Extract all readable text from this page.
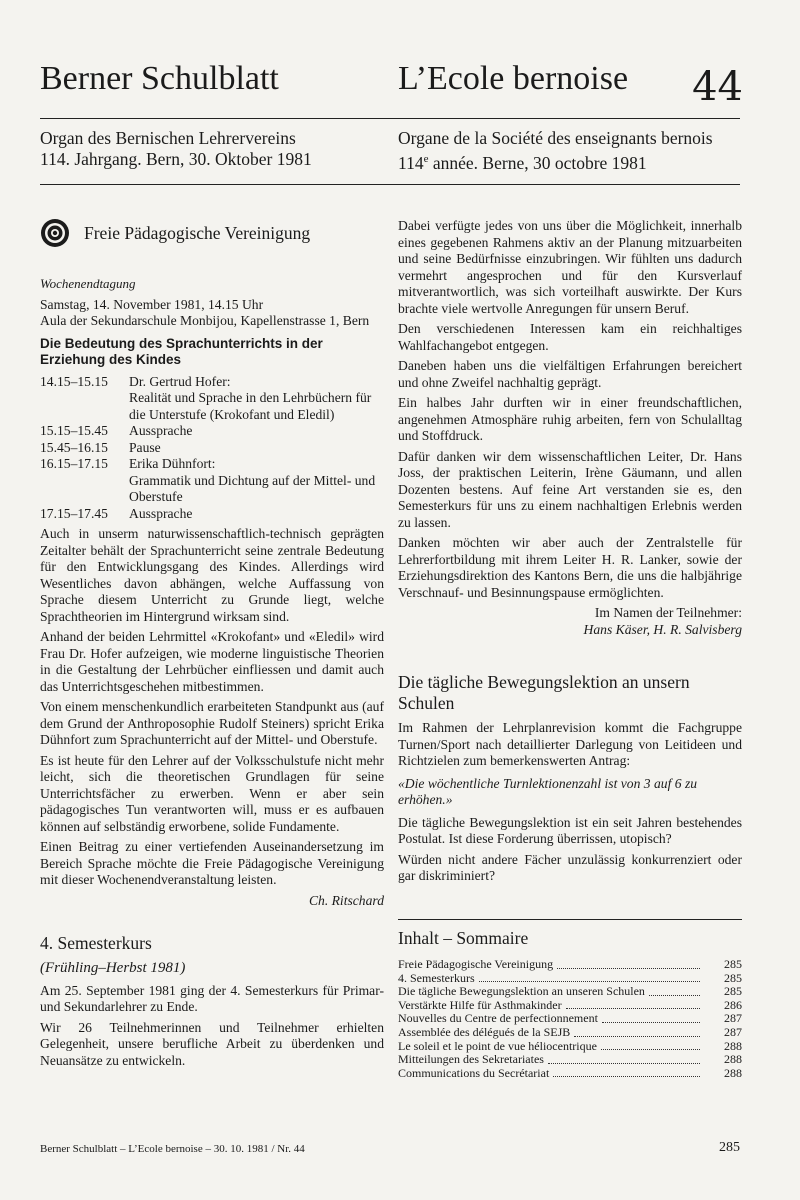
Berner Schulblatt	L’Ecole bernoise 44
Organ des Bernischen Lehrervereins
114. Jahrgang. Bern, 30. Oktober 1981
Organe de la Société des enseignants bernois
114e année. Berne, 30 octobre 1981
Freie Pädagogische Vereinigung
Wochenendtagung
Samstag, 14. November 1981, 14.15 Uhr
Aula der Sekundarschule Monbijou, Kapellenstrasse 1, Bern
Die Bedeutung des Sprachunterrichts in der Erziehung des Kindes
14.15–15.15	Dr. Gertrud Hofer:
Realität und Sprache in den Lehrbüchern für die Unterstufe (Krokofant und Eledil)
15.15–15.45	Aussprache
15.45–16.15	Pause
16.15–17.15	Erika Dühnfort:
Grammatik und Dichtung auf der Mittel- und Oberstufe
17.15–17.45	Aussprache

Auch in unserm naturwissenschaftlich-technisch geprägten Zeitalter behält der Sprachunterricht seine zentrale Bedeutung für den Entwicklungsgang des Kindes. Allerdings wird Wesentliches davon abhängen, welche Auffassung von Sprache diesem Unterricht zu Grunde liegt, welche Sprachtheorien im Hintergrund wirksam sind.

Anhand der beiden Lehrmittel «Krokofant» und «Eledil» wird Frau Dr. Hofer aufzeigen, wie moderne linguistische Theorien in die Gestaltung der Lehrbücher einfliessen und damit auch das Unterrichtsgeschehen mitbestimmen.

Von einem menschenkundlich erarbeiteten Standpunkt aus (auf dem Grund der Anthroposophie Rudolf Steiners) spricht Erika Dühnfort zum Sprachunterricht auf der Mittel- und Oberstufe.

Es ist heute für den Lehrer auf der Volksschulstufe nicht mehr leicht, sich die theoretischen Grundlagen für seine Unterrichtsfächer zu erwerben. Wenn er aber sein pädagogisches Tun verantworten will, muss er es aufbauen können auf selbständig erworbene, solide Fundamente.

Einen Beitrag zu einer vertiefenden Auseinandersetzung im Bereich Sprache möchte die Freie Pädagogische Vereinigung mit dieser Wochenendveranstaltung leisten.

Ch. Ritschard
4. Semesterkurs
(Frühling–Herbst 1981)

Am 25. September 1981 ging der 4. Semesterkurs für Primar- und Sekundarlehrer zu Ende.

Wir 26 Teilnehmerinnen und Teilnehmer erhielten Gelegenheit, unsere berufliche Arbeit zu überdenken und Neuansätze zu entwickeln.

Dabei verfügte jedes von uns über die Möglichkeit, innerhalb eines gegebenen Rahmens aktiv an der Planung mitzuarbeiten und seine Bedürfnisse einzubringen. Wir fühlten uns dadurch vermehrt angesprochen und für den Kursverlauf mitverantwortlich, was sich vorteilhaft auswirkte. Der Kurs brachte viele wertvolle Anregungen für unsern Beruf.

Den verschiedenen Interessen kam ein reichhaltiges Wahlfachangebot entgegen.

Daneben haben uns die vielfältigen Erfahrungen bereichert und ohne Zweifel nachhaltig geprägt.

Ein halbes Jahr durften wir in einer freundschaftlichen, angenehmen Atmosphäre ruhig arbeiten, fern von Schulalltag und Stoffdruck.

Dafür danken wir dem wissenschaftlichen Leiter, Dr. Hans Joss, der praktischen Leiterin, Irène Gäumann, und allen Dozenten bestens. Auf feine Art verstanden sie es, den Semesterkurs für uns zu einem nachhaltigen Erlebnis werden zu lassen.

Danken möchten wir aber auch der Zentralstelle für Lehrerfortbildung mit ihrem Leiter H. R. Lanker, sowie der Erziehungsdirektion des Kantons Bern, die uns die halbjährige Verschnauf- und Besinnungspause ermöglichten.

Im Namen der Teilnehmer:
Hans Käser, H. R. Salvisberg
Die tägliche Bewegungslektion an unsern Schulen

Im Rahmen der Lehrplanrevision kommt die Fachgruppe Turnen/Sport nach detaillierter Darlegung von Leitideen und Richtzielen zum bemerkenswerten Antrag:

«Die wöchentliche Turnlektionenzahl ist von 3 auf 6 zu erhöhen.»

Die tägliche Bewegungslektion ist ein seit Jahren bestehendes Postulat. Ist diese Forderung überrissen, utopisch?

Würden nicht andere Fächer unzulässig konkurrenziert oder gar diskriminiert?

Inhalt – Sommaire
Freie Pädagogische Vereinigung	285
4. Semesterkurs	285
Die tägliche Bewegungslektion an unseren Schulen	285
Verstärkte Hilfe für Asthmakinder	286
Nouvelles du Centre de perfectionnement	287
Assemblée des délégués de la SEJB	287
Le soleil et le point de vue héliocentrique	288
Mitteilungen des Sekretariates	288
Communications du Secrétariat	288
Berner Schulblatt – L’Ecole bernoise – 30. 10. 1981 / Nr. 44	285
